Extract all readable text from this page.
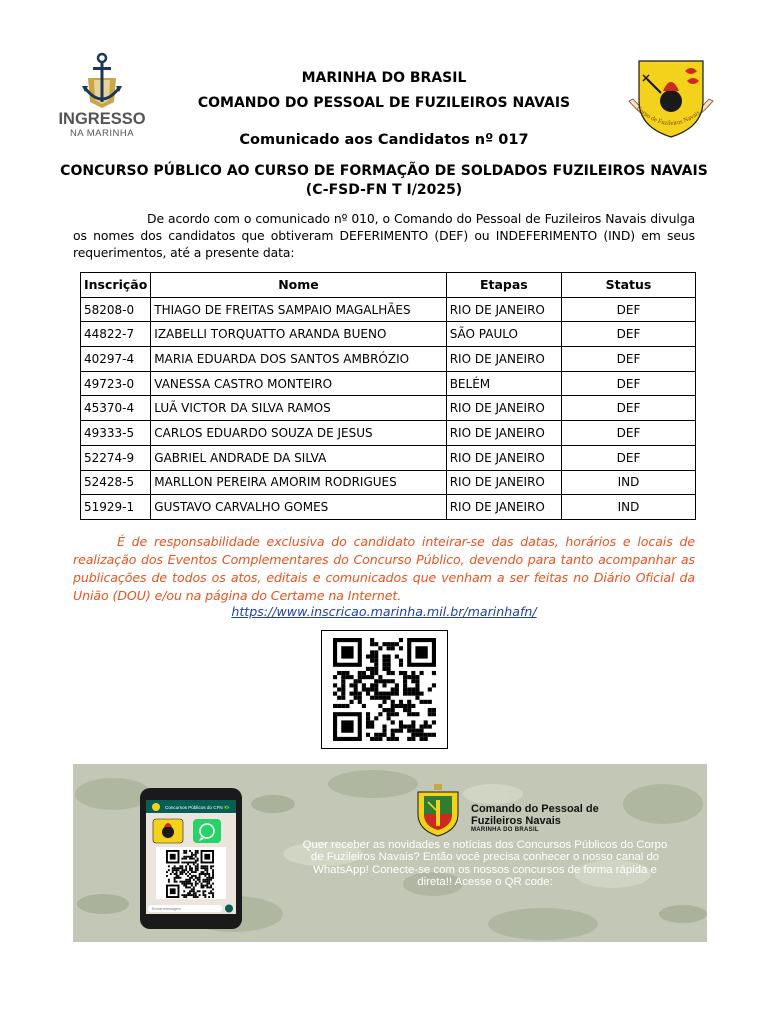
INGRESSO
NA MARINHA
Corpo de Fuzileiros Navais
MARINHA DO BRASIL
COMANDO DO PESSOAL DE FUZILEIROS NAVAIS
Comunicado aos Candidatos nº 017
CONCURSO PÚBLICO AO CURSO DE FORMAÇÃO DE SOLDADOS FUZILEIROS NAVAIS
(C-FSD-FN T I/2025)
De acordo com o comunicado nº 010, o Comando do Pessoal de Fuzileiros Navais divulga os nomes dos candidatos que obtiveram DEFERIMENTO (DEF) ou INDEFERIMENTO (IND) em seus requerimentos, até a presente data:
Inscrição	Nome	Etapas	Status
58208-0	THIAGO DE FREITAS SAMPAIO MAGALHÃES	RIO DE JANEIRO	DEF
44822-7	IZABELLI TORQUATTO ARANDA BUENO	SÃO PAULO	DEF
40297-4	MARIA EDUARDA DOS SANTOS AMBRÓZIO	RIO DE JANEIRO	DEF
49723-0	VANESSA CASTRO MONTEIRO	BELÉM	DEF
45370-4	LUÃ VICTOR DA SILVA RAMOS	RIO DE JANEIRO	DEF
49333-5	CARLOS EDUARDO SOUZA DE JESUS	RIO DE JANEIRO	DEF
52274-9	GABRIEL ANDRADE DA SILVA	RIO DE JANEIRO	DEF
52428-5	MARLLON PEREIRA AMORIM RODRIGUES	RIO DE JANEIRO	IND
51929-1	GUSTAVO CARVALHO GOMES	RIO DE JANEIRO	IND
É de responsabilidade exclusiva do candidato inteirar-se das datas, horários e locais de realização dos Eventos Complementares do Concurso Público, devendo para tanto acompanhar as publicações de todos os atos, editais e comunicados que venham a ser feitas no Diário Oficial da União (DOU) e/ou na página do Certame na Internet.
https://www.inscricao.marinha.mil.br/marinhafn/
Concursos Públicos do CFN 🇧🇷
Enviar mensagem
Comando do Pessoal de Fuzileiros Navais
MARINHA DO BRASIL
Quer receber as novidades e notícias dos Concursos Públicos do Corpo de Fuzileiros Navais? Então você precisa conhecer o nosso canal do WhatsApp! Conecte-se com os nossos concursos de forma rápida e direta!! Acesse o QR code:
